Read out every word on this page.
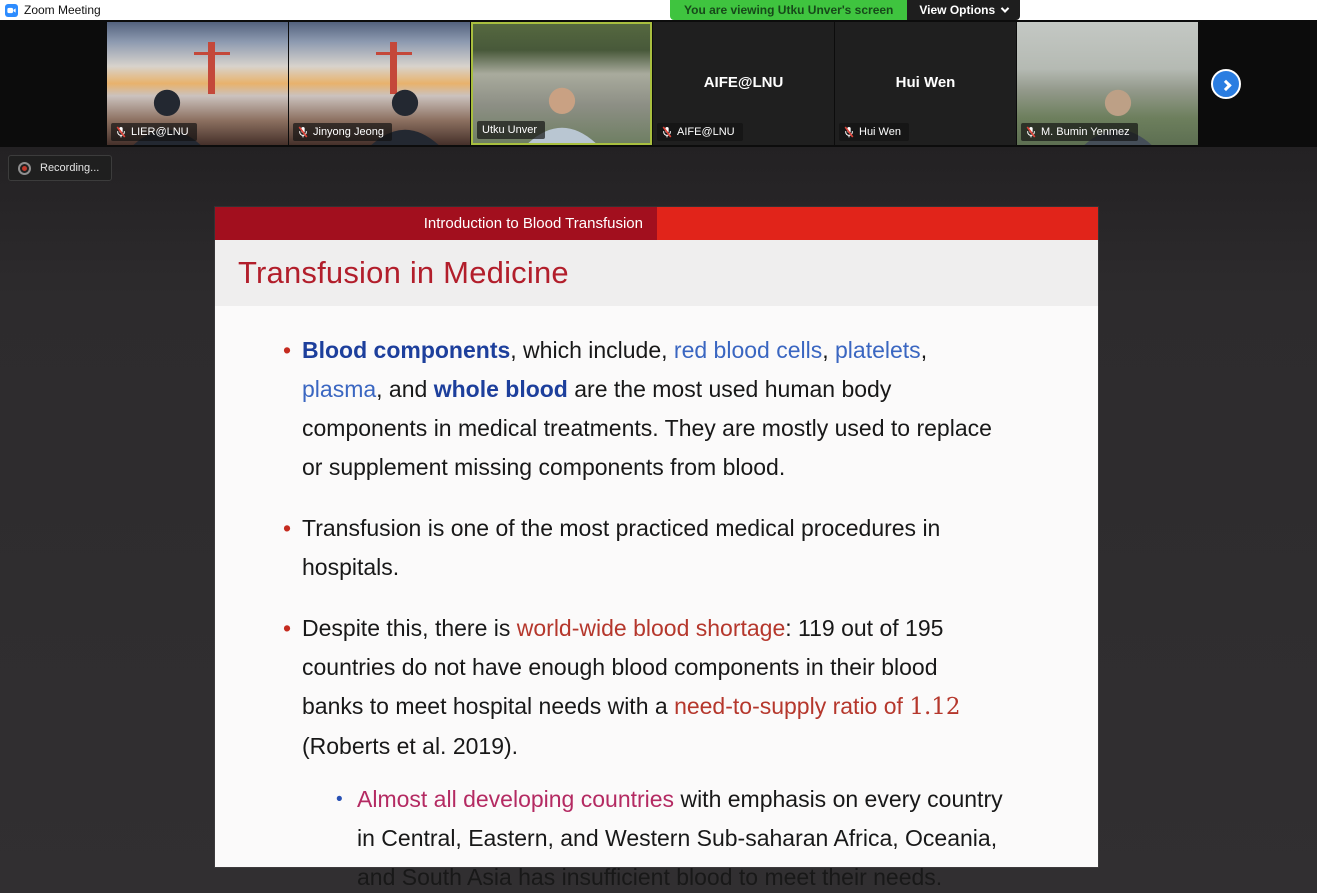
Zoom Meeting	You are viewing Utku Unver's screen	View Options
LIER@LNU	Jinyong Jeong	Utku Unver
AIFE@LNU
AIFE@LNU
Hui Wen
Hui Wen	M. Bumin Yenmez
Recording...
Introduction to Blood Transfusion
Transfusion in Medicine
• Blood components, which include, red blood cells, platelets,
plasma, and whole blood are the most used human body
components in medical treatments. They are mostly used to replace
or supplement missing components from blood.
• Transfusion is one of the most practiced medical procedures in
hospitals.
• Despite this, there is world-wide blood shortage: 119 out of 195
countries do not have enough blood components in their blood
banks to meet hospital needs with a need-to-supply ratio of 1.12
(Roberts et al. 2019).
• Almost all developing countries with emphasis on every country
in Central, Eastern, and Western Sub-saharan Africa, Oceania,
and South Asia has insufficient blood to meet their needs.
